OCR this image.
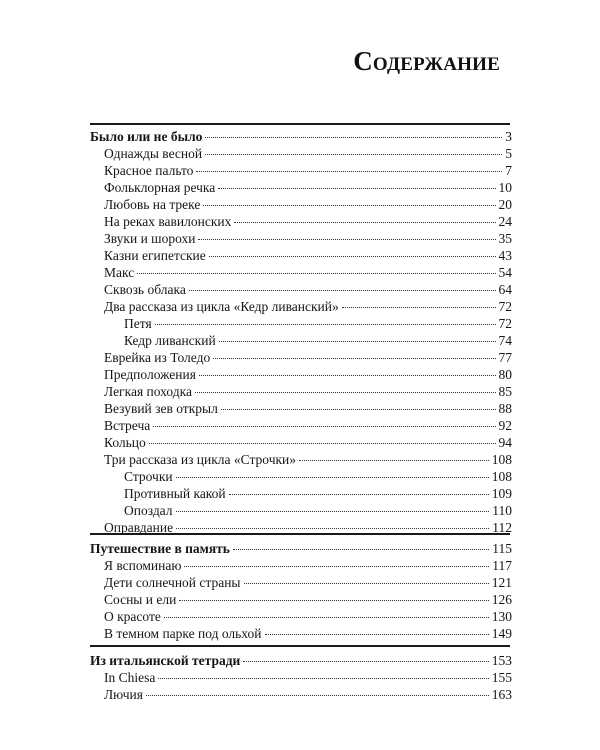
Содержание
Было или не было	3
Однажды весной	5
Красное пальто	7
Фольклорная речка	10
Любовь на треке	20
На реках вавилонских	24
Звуки и шорохи	35
Казни египетские	43
Макс	54
Сквозь облака	64
Два рассказа из цикла «Кедр ливанский»	72
Петя	72
Кедр ливанский	74
Еврейка из Толедо	77
Предположения	80
Легкая походка	85
Везувий зев открыл	88
Встреча	92
Кольцо	94
Три рассказа из цикла «Строчки»	108
Строчки	108
Противный какой	109
Опоздал	110
Оправдание	112
Путешествие в память	115
Я вспоминаю	117
Дети солнечной страны	121
Сосны и ели	126
О красоте	130
В темном парке под ольхой	149
Из итальянской тетради	153
In Chiesa	155
Лючия	163
